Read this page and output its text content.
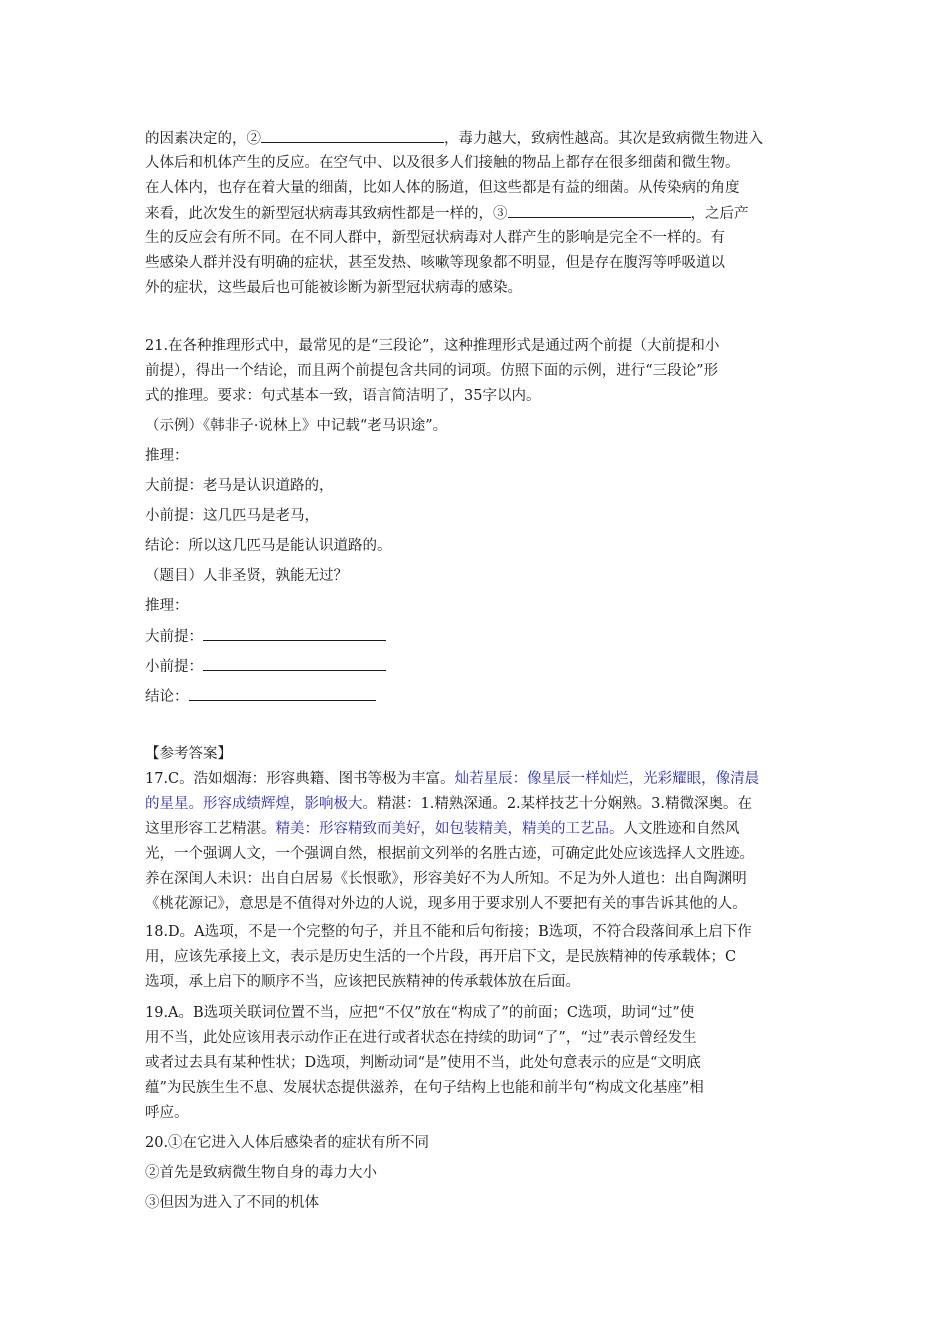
的因素决定的，②	，毒力越大，致病性越高。其次是致病微生物进入
人体后和机体产生的反应。在空气中、以及很多人们接触的物品上都存在很多细菌和微生物。
在人体内，也存在着大量的细菌，比如人体的肠道，但这些都是有益的细菌。从传染病的角度
来看，此次发生的新型冠状病毒其致病性都是一样的，③	，之后产
生的反应会有所不同。在不同人群中，新型冠状病毒对人群产生的影响是完全不一样的。有
些感染人群并没有明确的症状，甚至发热、咳嗽等现象都不明显，但是存在腹泻等呼吸道以
外的症状，这些最后也可能被诊断为新型冠状病毒的感染。
21.在各种推理形式中，最常见的是“三段论”，这种推理形式是通过两个前提（大前提和小
前提），得出一个结论，而且两个前提包含共同的词项。仿照下面的示例，进行“三段论”形
式的推理。要求：句式基本一致，语言简洁明了，35字以内。
（示例）《韩非子·说林上》中记载“老马识途”。
推理：
大前提：老马是认识道路的，
小前提：这几匹马是老马，
结论：所以这几匹马是能认识道路的。
（题目）人非圣贤，孰能无过？
推理：
大前提：
小前提：
结论：
【参考答案】
17.C。浩如烟海：形容典籍、图书等极为丰富。灿若星辰：像星辰一样灿烂，光彩耀眼，像清晨
的星星。形容成绩辉煌，影响极大。精湛：1.精熟深通。2.某样技艺十分娴熟。3.精微深奥。在
这里形容工艺精湛。精美：形容精致而美好，如包装精美，精美的工艺品。人文胜迹和自然风
光，一个强调人文，一个强调自然，根据前文列举的名胜古迹，可确定此处应该选择人文胜迹。
养在深闺人未识：出自白居易《长恨歌》，形容美好不为人所知。不足为外人道也：出自陶渊明
《桃花源记》，意思是不值得对外边的人说，现多用于要求别人不要把有关的事告诉其他的人。
18.D。A选项，不是一个完整的句子，并且不能和后句衔接；B选项，不符合段落间承上启下作
用，应该先承接上文，表示是历史生活的一个片段，再开启下文，是民族精神的传承载体；C
选项，承上启下的顺序不当，应该把民族精神的传承载体放在后面。
19.A。B选项关联词位置不当，应把“不仅”放在“构成了”的前面；C选项，助词“过”使
用不当，此处应该用表示动作正在进行或者状态在持续的助词“了”，“过”表示曾经发生
或者过去具有某种性状；D选项，判断动词“是”使用不当，此处句意表示的应是“文明底
蕴”为民族生生不息、发展状态提供滋养，在句子结构上也能和前半句“构成文化基座”相
呼应。
20.①在它进入人体后感染者的症状有所不同
②首先是致病微生物自身的毒力大小
③但因为进入了不同的机体
